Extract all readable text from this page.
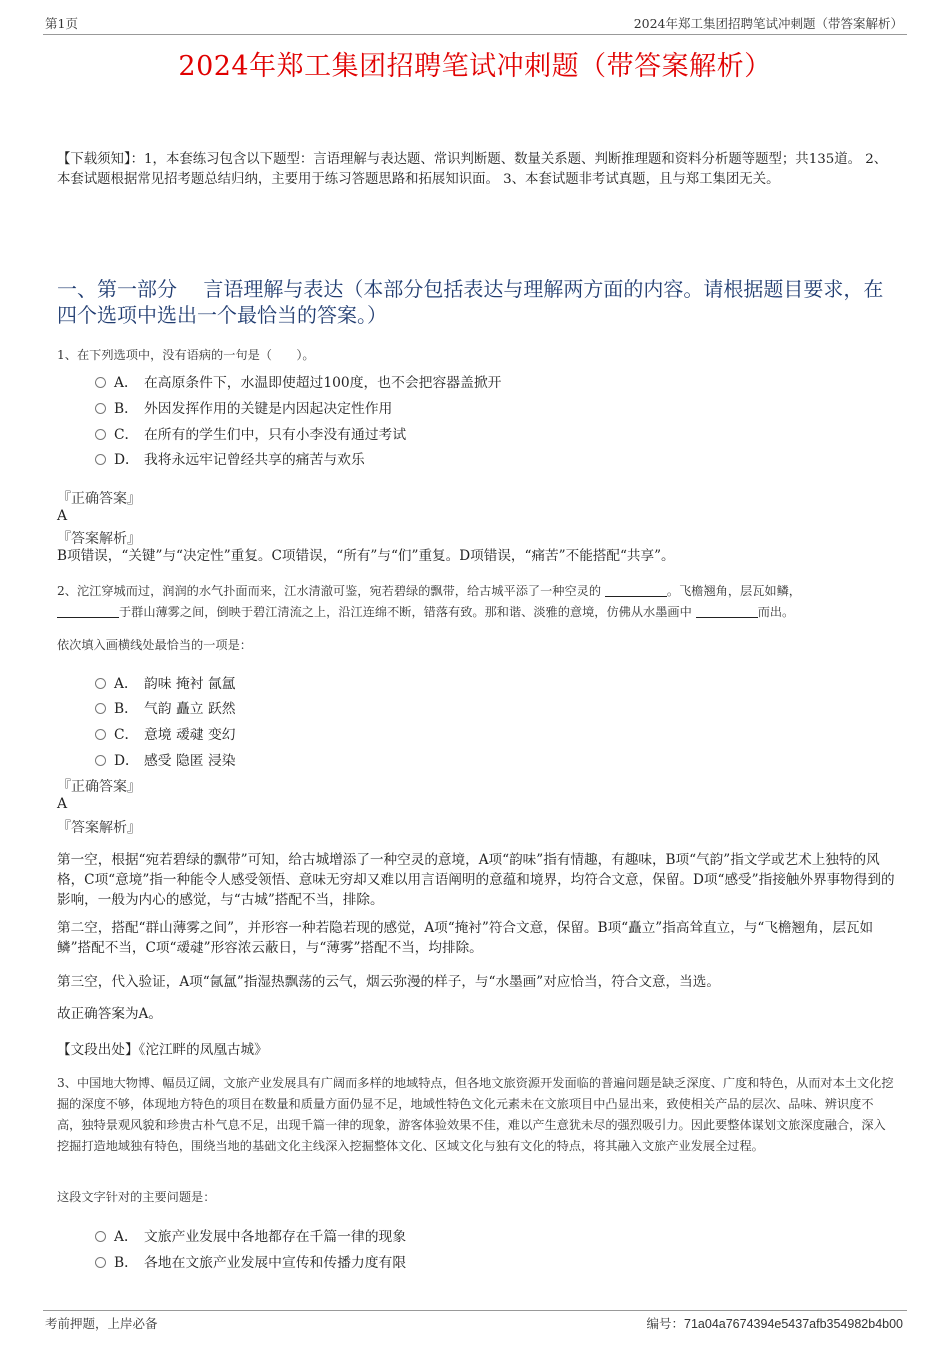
第1页	2024年郑工集团招聘笔试冲刺题（带答案解析）
2024年郑工集团招聘笔试冲刺题（带答案解析）
【下载须知】：1，本套练习包含以下题型：言语理解与表达题、常识判断题、数量关系题、判断推理题和资料分析题等题型；共135道。 2、本套试题根据常见招考题总结归纳，主要用于练习答题思路和拓展知识面。 3、本套试题非考试真题，且与郑工集团无关。
一、第一部分　 言语理解与表达（本部分包括表达与理解两方面的内容。请根据题目要求，在四个选项中选出一个最恰当的答案。）
1、在下列选项中，没有语病的一句是（　　）。
A． 在高原条件下，水温即使超过100度，也不会把容器盖掀开
B． 外因发挥作用的关键是内因起决定性作用
C． 在所有的学生们中，只有小李没有通过考试
D． 我将永远牢记曾经共享的痛苦与欢乐
『正确答案』
A
『答案解析』
B项错误，“关键”与“决定性”重复。C项错误，“所有”与“们”重复。D项错误，“痛苦”不能搭配“共享”。
2、沱江穿城而过，润润的水气扑面而来，江水清澈可鉴，宛若碧绿的飘带，给古城平添了一种空灵的	。飞檐翘角，层瓦如鳞，
于群山薄雾之间，倒映于碧江清流之上，沿江连绵不断，错落有致。那和谐、淡雅的意境，仿佛从水墨画中	而出。
依次填入画横线处最恰当的一项是：
A． 韵味 掩衬 氤氲
B． 气韵 矗立 跃然
C． 意境 叆叇 变幻
D． 感受 隐匿 浸染
『正确答案』
A
『答案解析』
第一空，根据“宛若碧绿的飘带”可知，给古城增添了一种空灵的意境，A项“韵味”指有情趣，有趣味，B项“气韵”指文学或艺术上独特的风格，C项“意境”指一种能令人感受领悟、意味无穷却又难以用言语阐明的意蕴和境界，均符合文意，保留。D项“感受”指接触外界事物得到的影响，一般为内心的感觉，与“古城”搭配不当，排除。
第二空，搭配“群山薄雾之间”，并形容一种若隐若现的感觉，A项“掩衬”符合文意，保留。B项“矗立”指高耸直立，与“飞檐翘角，层瓦如鳞”搭配不当，C项“叆叇”形容浓云蔽日，与“薄雾”搭配不当，均排除。
第三空，代入验证，A项“氤氲”指湿热飘荡的云气，烟云弥漫的样子，与“水墨画”对应恰当，符合文意，当选。
故正确答案为A。
【文段出处】《沱江畔的凤凰古城》
3、中国地大物博、幅员辽阔，文旅产业发展具有广阔而多样的地域特点，但各地文旅资源开发面临的普遍问题是缺乏深度、广度和特色，从而对本土文化挖掘的深度不够，体现地方特色的项目在数量和质量方面仍显不足，地域性特色文化元素未在文旅项目中凸显出来，致使相关产品的层次、品味、辨识度不高，独特景观风貌和珍贵古朴气息不足，出现千篇一律的现象，游客体验效果不佳，难以产生意犹未尽的强烈吸引力。因此要整体谋划文旅深度融合，深入挖掘打造地域独有特色，围绕当地的基础文化主线深入挖掘整体文化、区域文化与独有文化的特点，将其融入文旅产业发展全过程。
这段文字针对的主要问题是：
A． 文旅产业发展中各地都存在千篇一律的现象
B． 各地在文旅产业发展中宣传和传播力度有限
考前押题，上岸必备	编号：71a04a7674394e5437afb354982b4b00
